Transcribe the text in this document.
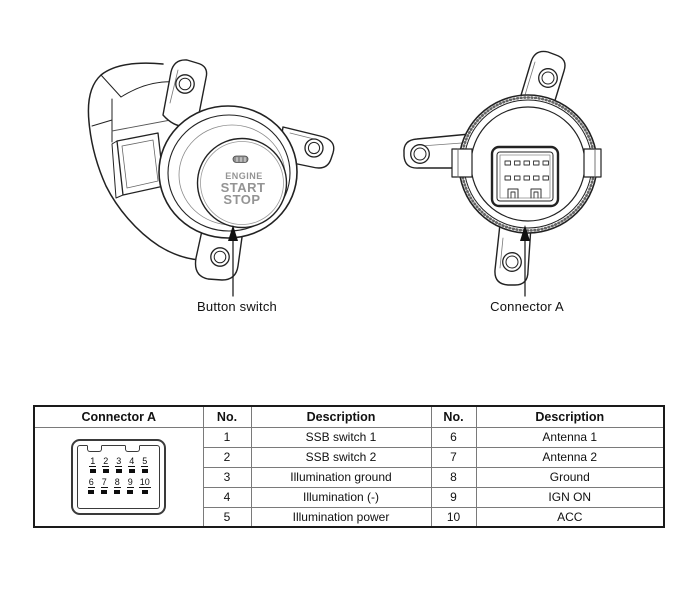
ENGINE
START
STOP
Button switch	Connector A
Connector A	No.	Description	No.	Description

1 2 3 4 5
6 7 8 9 10
	1	SSB switch 1	6	Antenna 1
	2	SSB switch 2	7	Antenna 2
	3	Illumination ground	8	Ground
	4	Illumination (-)	9	IGN ON
	5	Illumination power	10	ACC
